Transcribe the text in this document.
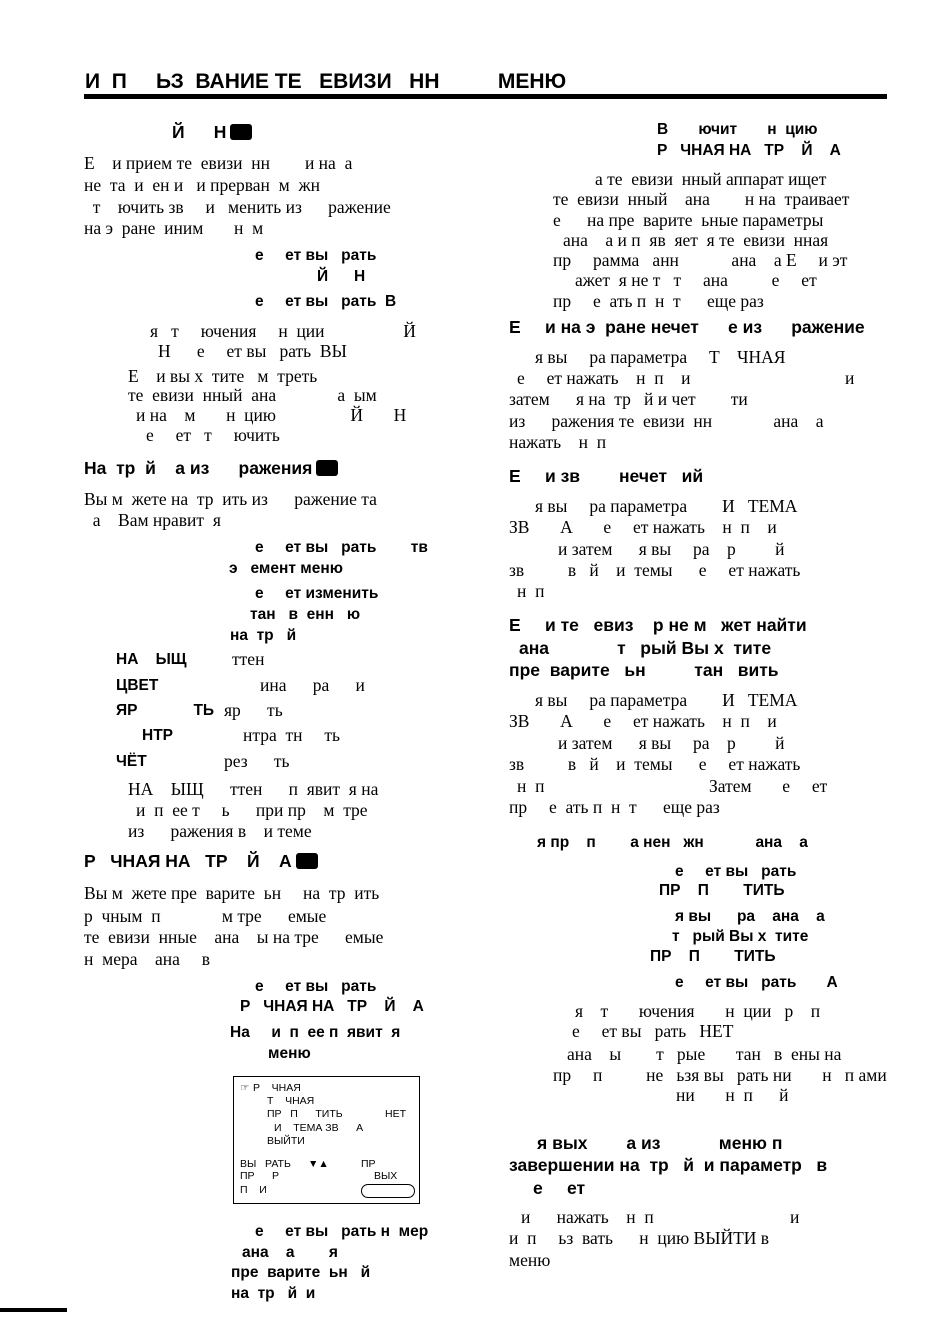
И  П     ЬЗ  ВАНИЕ ТЕ   ЕВИЗИ   НН          МЕНЮ
Й      Н
Е    и прием те  евизи  нн        и на  а
не  та  и  ен и   и прерван  м  жн
т    ючить зв     и   менить из      ражение
на э  ране  иним       н  м
е     ет вы   рать
Й      Н
е     ет вы   рать  В
я   т     ючения     н  ции                  Й
Н      е     ет вы   рать  ВЫ
Е    и вы х  тите   м  треть
те  евизи  нный  ана              а  ым
и на    м       н  цию                 Й       Н
е     ет   т     ючить
На  тр  й    а из      ражения
Вы м  жете на  тр  ить из      ражение та
а    Вам нравит  я
е     ет вы   рать        тв
э   емент меню
е     ет изменить
тан   в  енн   ю
на  тр   й
НА    ЫЩ	ттен
ЦВЕТ	ина      ра      и
ЯР             ТЬ яр      ть
НТР	нтра  тн     ть
ЧЁТ	рез      ть
НА    ЫЩ      ттен      п  явит  я на
и  п  ее т     ь      при пр    м  тре
из      ражения в    и теме
Р   ЧНАЯ НА   ТР    Й    А
Вы м  жете пре  варите  ьн     на  тр  ить
р  чным  п              м тре      емые
те  евизи  нные    ана    ы на тре      емые
н  мера    ана     в
е     ет вы   рать
Р   ЧНАЯ НА   ТР    Й    А
На     и  п  ее п  явит  я
меню
☞ Р    ЧНАЯ
Т    ЧНАЯ
ПР   П      ТИТЬ	НЕТ
И    ТЕМА ЗВ      А
ВЫЙТИ
ВЫ   РАТЬ ▼▲	ПР
ПР      Р	ВЫХ
П    И
е     ет вы   рать н  мер
ана    а        я
пре  варите  ьн   й
на  тр   й  и
В       ючит       н  цию
Р   ЧНАЯ НА   ТР    Й    А
а те  евизи  нный аппарат ищет
те  евизи  нный    ана        н на  траивает
е      на пре  варите  ьные параметры
ана    а и п  яв  яет  я те  евизи  нная
пр     рамма   анн            ана    а Е     и эт
ажет  я не т   т     ана          е     ет
пр     е  ать п  н  т      еще раз
Е     и на э  ране нечет      е из      ражение
я вы     ра параметра     Т    ЧНАЯ
е     ет нажать    н  п    и	и
затем      я на  тр   й и чет        ти
из      ражения те  евизи  нн              ана    а
нажать    н  п
Е     и зв        нечет   ий
я вы     ра параметра        И   ТЕМА
ЗВ       А       е     ет нажать    н  п    и
и затем      я вы     ра    р         й
зв          в   й    и  темы      е     ет нажать
н  п
Е     и те   евиз    р не м   жет найти
ана              т   рый Вы х  тите
пре  варите   ьн          тан   вить
я вы     ра параметра        И   ТЕМА
ЗВ       А       е     ет нажать    н  п    и
и затем      я вы     ра    р         й
зв          в   й    и  темы      е     ет нажать
н  п	Затем       е     ет
пр     е  ать п  н  т      еще раз
я пр    п        а нен   жн            ана    а
е     ет вы   рать
ПР    П        ТИТЬ
я вы      ра    ана    а
т   рый Вы х  тите
ПР    П        ТИТЬ
е     ет вы   рать       А
я    т       ючения       н  ции   р    п
е     ет вы   рать   НЕТ
ана    ы        т   рые       тан   в  ены на
пр     п          не   ьзя вы   рать ни       н   п ами
ни       н  п      й
я вых        а из            меню п
завершении на  тр   й  и параметр   в
е     ет
и      нажать    н  п	и
и  п     ьз  вать      н  цию ВЫЙТИ в
меню
